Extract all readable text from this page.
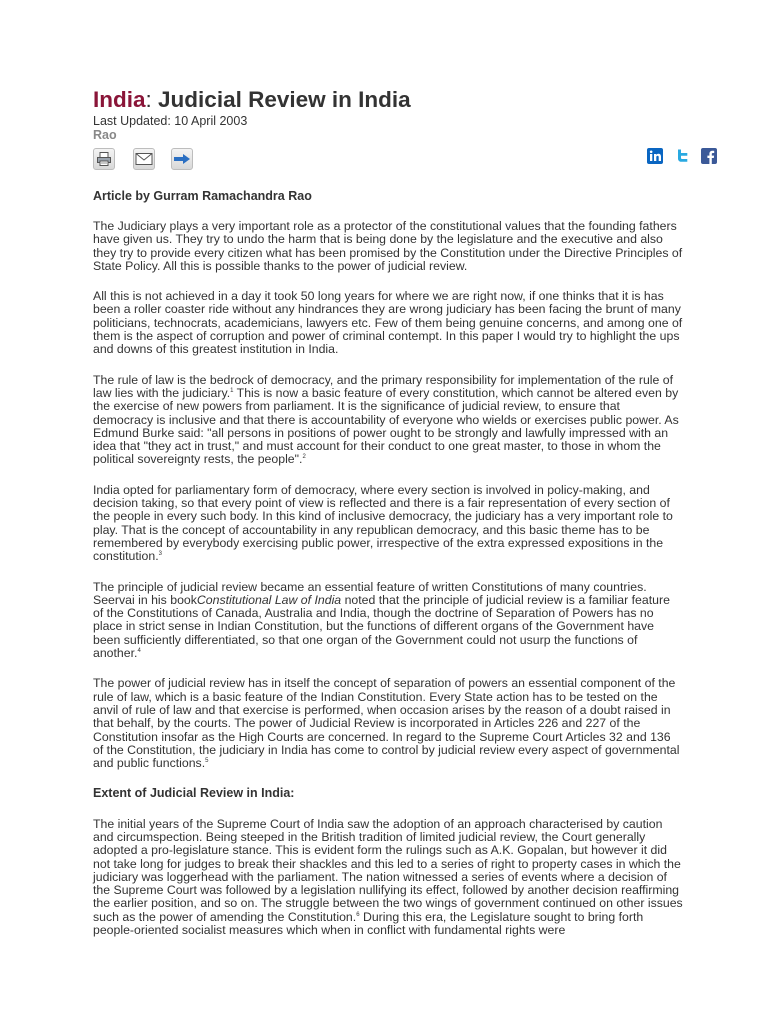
India: Judicial Review in India
Last Updated: 10 April 2003
Rao
Article by Gurram Ramachandra Rao

The Judiciary plays a very important role as a protector of the constitutional values that the founding fathers have given us. They try to undo the harm that is being done by the legislature and the executive and also they try to provide every citizen what has been promised by the Constitution under the Directive Principles of State Policy. All this is possible thanks to the power of judicial review.

All this is not achieved in a day it took 50 long years for where we are right now, if one thinks that it is has been a roller coaster ride without any hindrances they are wrong judiciary has been facing the brunt of many politicians, technocrats, academicians, lawyers etc. Few of them being genuine concerns, and among one of them is the aspect of corruption and power of criminal contempt. In this paper I would try to highlight the ups and downs of this greatest institution in India.

The rule of law is the bedrock of democracy, and the primary responsibility for implementation of the rule of law lies with the judiciary.$^1$ This is now a basic feature of every constitution, which cannot be altered even by the exercise of new powers from parliament. It is the significance of judicial review, to ensure that democracy is inclusive and that there is accountability of everyone who wields or exercises public power. As Edmund Burke said: "all persons in positions of power ought to be strongly and lawfully impressed with an idea that "they act in trust," and must account for their conduct to one great master, to those in whom the political sovereignty rests, the people".$^2$

India opted for parliamentary form of democracy, where every section is involved in policy-making, and decision taking, so that every point of view is reflected and there is a fair representation of every section of the people in every such body. In this kind of inclusive democracy, the judiciary has a very important role to play. That is the concept of accountability in any republican democracy, and this basic theme has to be remembered by everybody exercising public power, irrespective of the extra expressed expositions in the constitution.$^3$

The principle of judicial review became an essential feature of written Constitutions of many countries. Seervai in his bookConstitutional Law of India noted that the principle of judicial review is a familiar feature of the Constitutions of Canada, Australia and India, though the doctrine of Separation of Powers has no place in strict sense in Indian Constitution, but the functions of different organs of the Government have been sufficiently differentiated, so that one organ of the Government could not usurp the functions of another.$^4$

The power of judicial review has in itself the concept of separation of powers an essential component of the rule of law, which is a basic feature of the Indian Constitution. Every State action has to be tested on the anvil of rule of law and that exercise is performed, when occasion arises by the reason of a doubt raised in that behalf, by the courts. The power of Judicial Review is incorporated in Articles 226 and 227 of the Constitution insofar as the High Courts are concerned. In regard to the Supreme Court Articles 32 and 136 of the Constitution, the judiciary in India has come to control by judicial review every aspect of governmental and public functions.$^5$

Extent of Judicial Review in India:

The initial years of the Supreme Court of India saw the adoption of an approach characterised by caution and circumspection. Being steeped in the British tradition of limited judicial review, the Court generally adopted a pro-legislature stance. This is evident form the rulings such as A.K. Gopalan, but however it did not take long for judges to break their shackles and this led to a series of right to property cases in which the judiciary was loggerhead with the parliament. The nation witnessed a series of events where a decision of the Supreme Court was followed by a legislation nullifying its effect, followed by another decision reaffirming the earlier position, and so on. The struggle between the two wings of government continued on other issues such as the power of amending the Constitution.$^6$ During this era, the Legislature sought to bring forth people-oriented socialist measures which when in conflict with fundamental rights were
